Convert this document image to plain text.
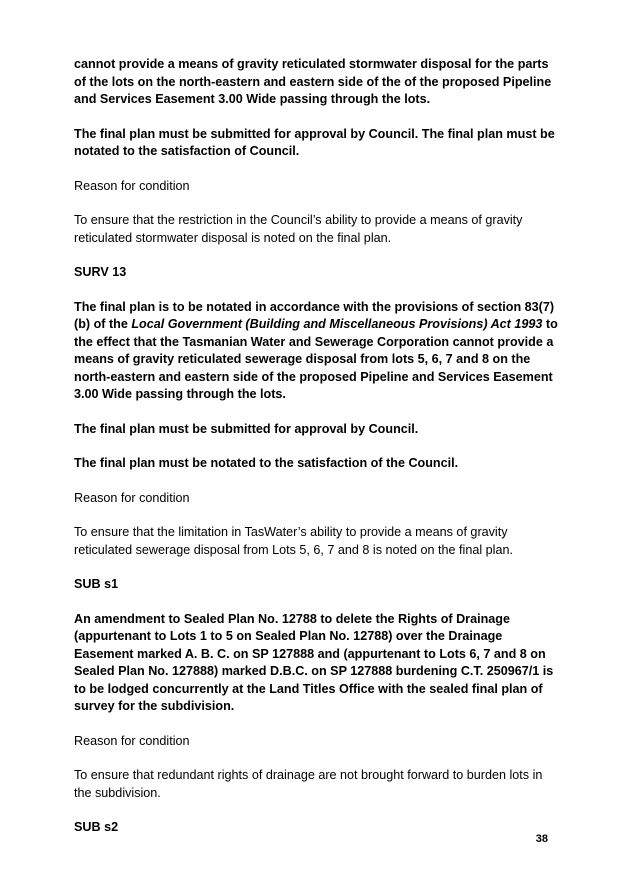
cannot provide a means of gravity reticulated stormwater disposal for the parts of the lots on the north-eastern and eastern side of the of the proposed Pipeline and Services Easement 3.00 Wide passing through the lots.

The final plan must be submitted for approval by Council. The final plan must be notated to the satisfaction of Council.

Reason for condition

To ensure that the restriction in the Council’s ability to provide a means of gravity reticulated stormwater disposal is noted on the final plan.

SURV 13

The final plan is to be notated in accordance with the provisions of section 83(7) (b) of the Local Government (Building and Miscellaneous Provisions) Act 1993 to the effect that the Tasmanian Water and Sewerage Corporation cannot provide a means of gravity reticulated sewerage disposal from lots 5, 6, 7 and 8 on the north-eastern and eastern side of the proposed Pipeline and Services Easement 3.00 Wide passing through the lots.

The final plan must be submitted for approval by Council.

The final plan must be notated to the satisfaction of the Council.

Reason for condition

To ensure that the limitation in TasWater’s ability to provide a means of gravity reticulated sewerage disposal from Lots 5, 6, 7 and 8 is noted on the final plan.

SUB s1

An amendment to Sealed Plan No. 12788 to delete the Rights of Drainage (appurtenant to Lots 1 to 5 on Sealed Plan No. 12788) over the Drainage Easement marked A. B. C. on SP 127888 and (appurtenant to Lots 6, 7 and 8 on Sealed Plan No. 127888) marked D.B.C. on SP 127888 burdening C.T. 250967/1 is to be lodged concurrently at the Land Titles Office with the sealed final plan of survey for the subdivision.

Reason for condition

To ensure that redundant rights of drainage are not brought forward to burden lots in the subdivision.

SUB s2

38
